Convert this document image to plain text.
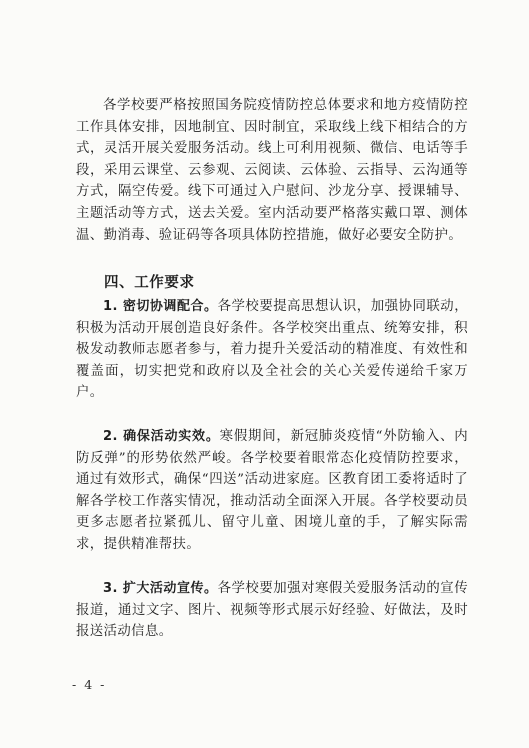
各学校要严格按照国务院疫情防控总体要求和地方疫情防控工作具体安排，因地制宜、因时制宜，采取线上线下相结合的方式，灵活开展关爱服务活动。线上可利用视频、微信、电话等手段，采用云课堂、云参观、云阅读、云体验、云指导、云沟通等方式，隔空传爱。线下可通过入户慰问、沙龙分享、授课辅导、主题活动等方式，送去关爱。室内活动要严格落实戴口罩、测体温、勤消毒、验证码等各项具体防控措施，做好必要安全防护。

四、工作要求

1. 密切协调配合。各学校要提高思想认识，加强协同联动，积极为活动开展创造良好条件。各学校突出重点、统筹安排，积极发动教师志愿者参与，着力提升关爱活动的精准度、有效性和覆盖面，切实把党和政府以及全社会的关心关爱传递给千家万户。

2. 确保活动实效。寒假期间，新冠肺炎疫情“外防输入、内防反弹”的形势依然严峻。各学校要着眼常态化疫情防控要求，通过有效形式，确保“四送”活动进家庭。区教育团工委将适时了解各学校工作落实情况，推动活动全面深入开展。各学校要动员更多志愿者拉紧孤儿、留守儿童、困境儿童的手，了解实际需求，提供精准帮扶。

3. 扩大活动宣传。各学校要加强对寒假关爱服务活动的宣传报道，通过文字、图片、视频等形式展示好经验、好做法，及时报送活动信息。

- 4 -
